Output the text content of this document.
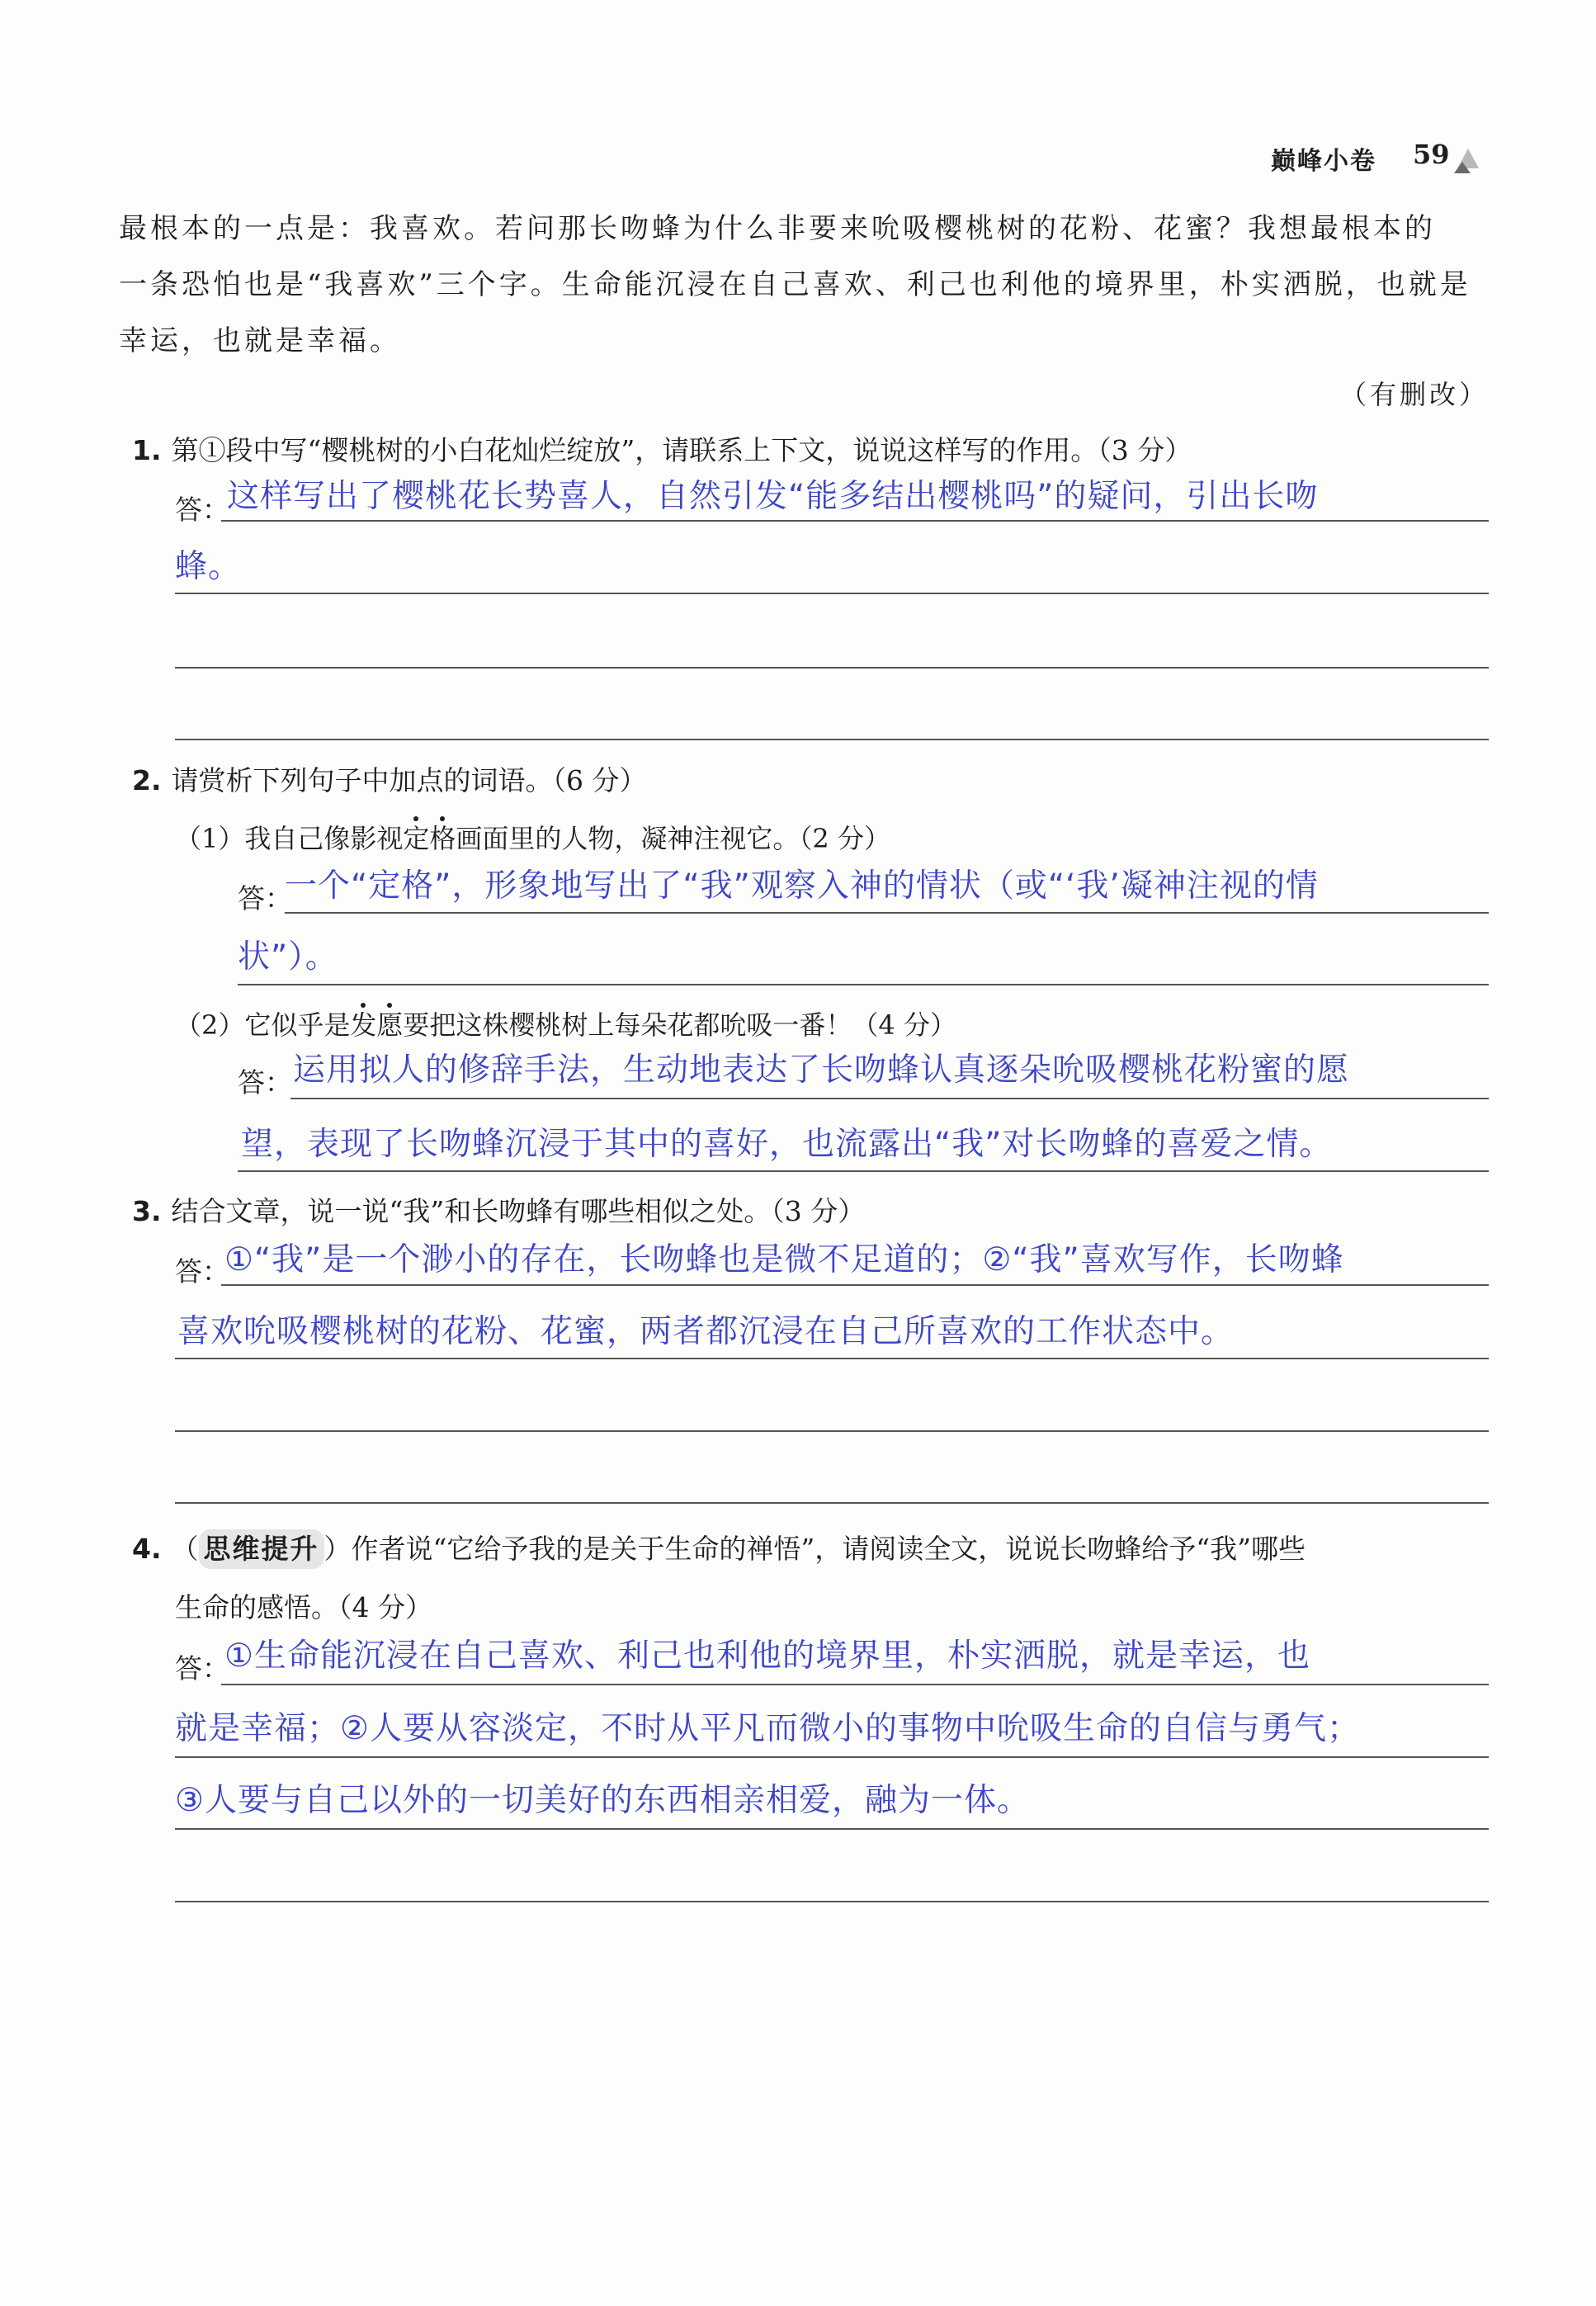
巅峰小卷 59

最根本的一点是：我喜欢。若问那长吻蜂为什么非要来吮吸樱桃树的花粉、花蜜？我想最根本的

一条恐怕也是“我喜欢”三个字。生命能沉浸在自己喜欢、利己也利他的境界里，朴实洒脱，也就是

幸运，也就是幸福。

（有删改）
1. 第①段中写“樱桃树的小白花灿烂绽放”，请联系上下文，说说这样写的作用。（3 分）
答：
这样写出了樱桃花长势喜人，自然引发“能多结出樱桃吗”的疑问，引出长吻
蜂。
2. 请赏析下列句子中加点的词语。（6 分）
（1）我自己像影视定格画面里的人物，凝神注视它。（2 分）
答：
一个“定格”，形象地写出了“我”观察入神的情状（或“‘我’凝神注视的情
状”）。
（2）它似乎是发愿要把这株樱桃树上每朵花都吮吸一番！（4 分）
答： 运用拟人的修辞手法，生动地表达了长吻蜂认真逐朵吮吸樱桃花粉蜜的愿
望，表现了长吻蜂沉浸于其中的喜好，也流露出“我”对长吻蜂的喜爱之情。
3. 结合文章，说一说“我”和长吻蜂有哪些相似之处。（3 分）
答：
①“我”是一个渺小的存在，长吻蜂也是微不足道的；②“我”喜欢写作，长吻蜂
喜欢吮吸樱桃树的花粉、花蜜，两者都沉浸在自己所喜欢的工作状态中。
4. （ 思维提升 ）作者说“它给予我的是关于生命的禅悟”，请阅读全文，说说长吻蜂给予“我”哪些
生命的感悟。（4 分）
答：
①生命能沉浸在自己喜欢、利己也利他的境界里，朴实洒脱，就是幸运，也
就是幸福；②人要从容淡定，不时从平凡而微小的事物中吮吸生命的自信与勇气；
③人要与自己以外的一切美好的东西相亲相爱，融为一体。
